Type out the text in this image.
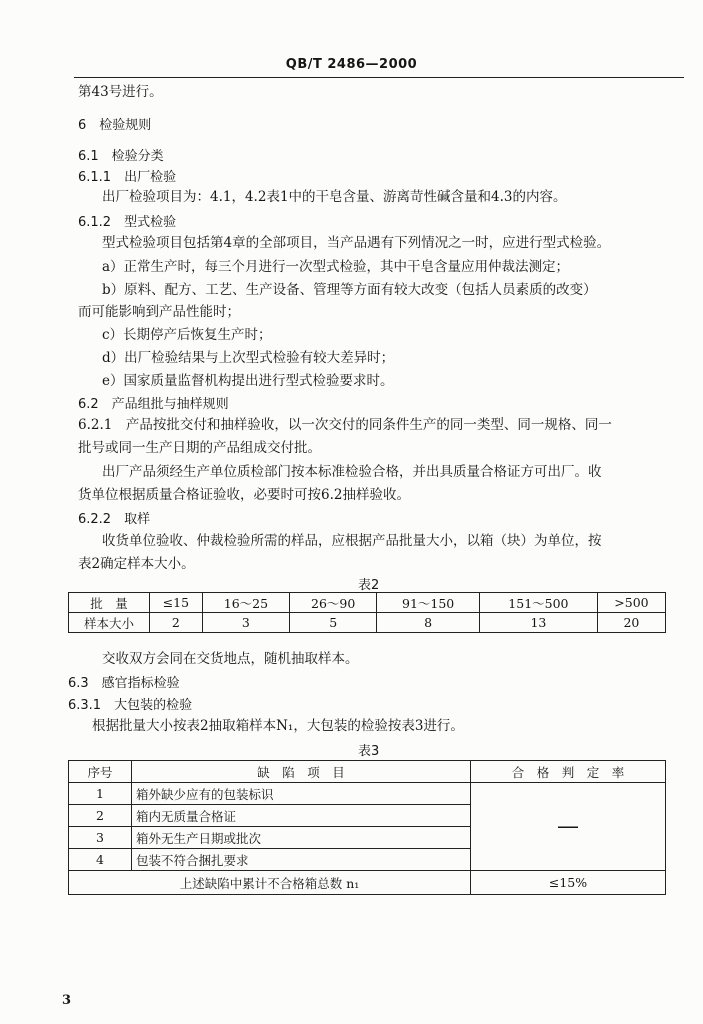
QB/T 2486—2000
第43号进行。
6　检验规则
6.1　检验分类
6.1.1　出厂检验
出厂检验项目为：4.1，4.2表1中的干皂含量、游离苛性碱含量和4.3的内容。
6.1.2　型式检验
型式检验项目包括第4章的全部项目，当产品遇有下列情况之一时，应进行型式检验。
a）正常生产时，每三个月进行一次型式检验，其中干皂含量应用仲裁法测定；
b）原料、配方、工艺、生产设备、管理等方面有较大改变（包括人员素质的改变）
而可能影响到产品性能时；
c）长期停产后恢复生产时；
d）出厂检验结果与上次型式检验有较大差异时；
e）国家质量监督机构提出进行型式检验要求时。
6.2　产品组批与抽样规则
6.2.1　产品按批交付和抽样验收，以一次交付的同条件生产的同一类型、同一规格、同一
批号或同一生产日期的产品组成交付批。
出厂产品须经生产单位质检部门按本标准检验合格，并出具质量合格证方可出厂。收
货单位根据质量合格证验收，必要时可按6.2抽样验收。
6.2.2　取样
收货单位验收、仲裁检验所需的样品，应根据产品批量大小，以箱（块）为单位，按
表2确定样本大小。
表2
批　量	≤15	16～25	26～90	91～150	151～500	>500
样本大小	2	3	5	8	13	20
交收双方会同在交货地点，随机抽取样本。
6.3　感官指标检验
6.3.1　大包装的检验
根据批量大小按表2抽取箱样本N₁，大包装的检验按表3进行。
表3
序号	缺　陷　项　目	合　格　判　定　率
1	箱外缺少应有的包装标识	—
2	箱内无质量合格证	
3	箱外无生产日期或批次	
4	包装不符合捆扎要求	
上述缺陷中累计不合格箱总数 n₁		≤15%
3
